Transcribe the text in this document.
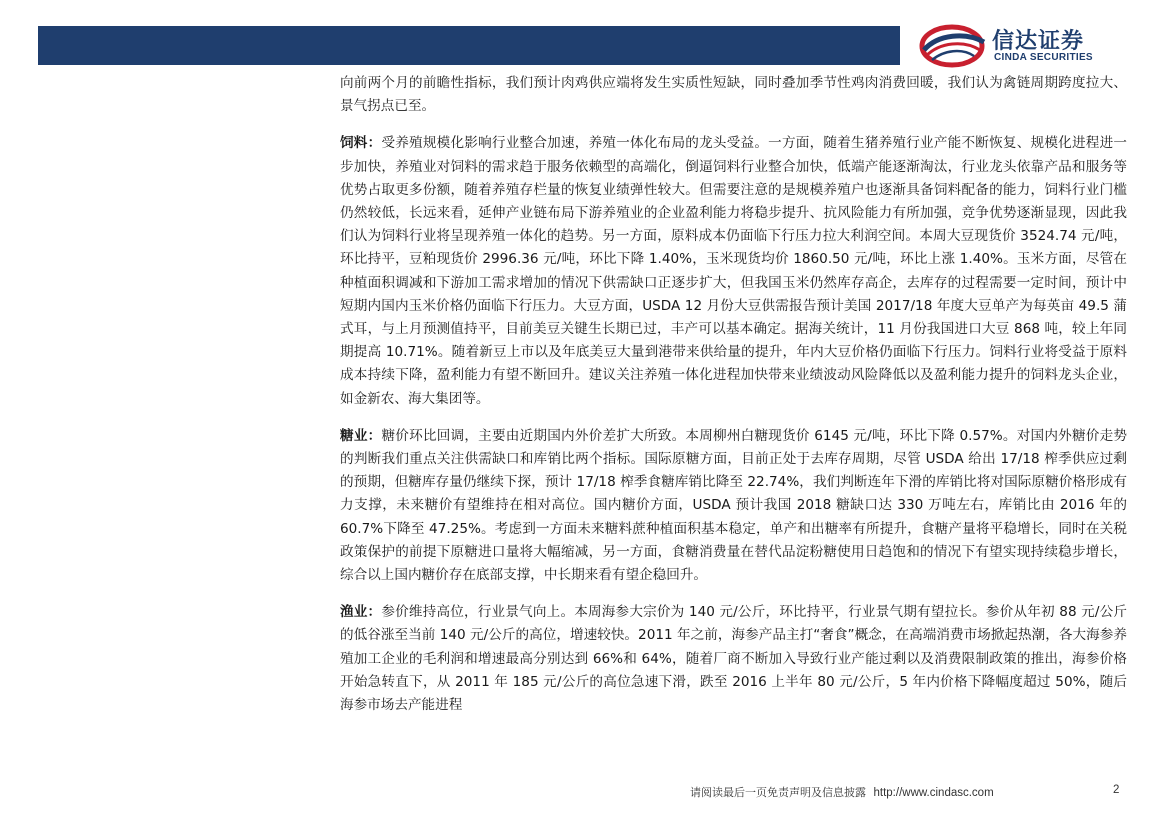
信达证券
CINDA SECURITIES

向前两个月的前瞻性指标，我们预计肉鸡供应端将发生实质性短缺，同时叠加季节性鸡肉消费回暖，我们认为禽链周期跨度拉大、景气拐点已至。

饲料：受养殖规模化影响行业整合加速，养殖一体化布局的龙头受益。一方面，随着生猪养殖行业产能不断恢复、规模化进程进一步加快，养殖业对饲料的需求趋于服务依赖型的高端化，倒逼饲料行业整合加快，低端产能逐渐淘汰，行业龙头依靠产品和服务等优势占取更多份额，随着养殖存栏量的恢复业绩弹性较大。但需要注意的是规模养殖户也逐渐具备饲料配备的能力，饲料行业门槛仍然较低，长远来看，延伸产业链布局下游养殖业的企业盈利能力将稳步提升、抗风险能力有所加强，竞争优势逐渐显现，因此我们认为饲料行业将呈现养殖一体化的趋势。另一方面，原料成本仍面临下行压力拉大利润空间。本周大豆现货价 3524.74 元/吨，环比持平，豆粕现货价 2996.36 元/吨，环比下降 1.40%，玉米现货均价 1860.50 元/吨，环比上涨 1.40%。玉米方面，尽管在种植面积调减和下游加工需求增加的情况下供需缺口正逐步扩大，但我国玉米仍然库存高企，去库存的过程需要一定时间，预计中短期内国内玉米价格仍面临下行压力。大豆方面，USDA 12 月份大豆供需报告预计美国 2017/18 年度大豆单产为每英亩 49.5 蒲式耳，与上月预测值持平，目前美豆关键生长期已过，丰产可以基本确定。据海关统计，11 月份我国进口大豆 868 吨，较上年同期提高 10.71%。随着新豆上市以及年底美豆大量到港带来供给量的提升，年内大豆价格仍面临下行压力。饲料行业将受益于原料成本持续下降，盈利能力有望不断回升。建议关注养殖一体化进程加快带来业绩波动风险降低以及盈利能力提升的饲料龙头企业，如金新农、海大集团等。

糖业：糖价环比回调，主要由近期国内外价差扩大所致。本周柳州白糖现货价 6145 元/吨，环比下降 0.57%。对国内外糖价走势的判断我们重点关注供需缺口和库销比两个指标。国际原糖方面，目前正处于去库存周期，尽管 USDA 给出 17/18 榨季供应过剩的预期，但糖库存量仍继续下探，预计 17/18 榨季食糖库销比降至 22.74%，我们判断连年下滑的库销比将对国际原糖价格形成有力支撑，未来糖价有望维持在相对高位。国内糖价方面，USDA 预计我国 2018 糖缺口达 330 万吨左右，库销比由 2016 年的 60.7%下降至 47.25%。考虑到一方面未来糖料蔗种植面积基本稳定，单产和出糖率有所提升，食糖产量将平稳增长，同时在关税政策保护的前提下原糖进口量将大幅缩减，另一方面，食糖消费量在替代品淀粉糖使用日趋饱和的情况下有望实现持续稳步增长，综合以上国内糖价存在底部支撑，中长期来看有望企稳回升。

渔业：参价维持高位，行业景气向上。本周海参大宗价为 140 元/公斤，环比持平，行业景气期有望拉长。参价从年初 88 元/公斤的低谷涨至当前 140 元/公斤的高位，增速较快。2011 年之前，海参产品主打“奢食”概念，在高端消费市场掀起热潮，各大海参养殖加工企业的毛利润和增速最高分别达到 66%和 64%，随着厂商不断加入导致行业产能过剩以及消费限制政策的推出，海参价格开始急转直下，从 2011 年 185 元/公斤的高位急速下滑，跌至 2016 上半年 80 元/公斤，5 年内价格下降幅度超过 50%，随后海参市场去产能进程

请阅读最后一页免责声明及信息披露 http://www.cindasc.com	2
